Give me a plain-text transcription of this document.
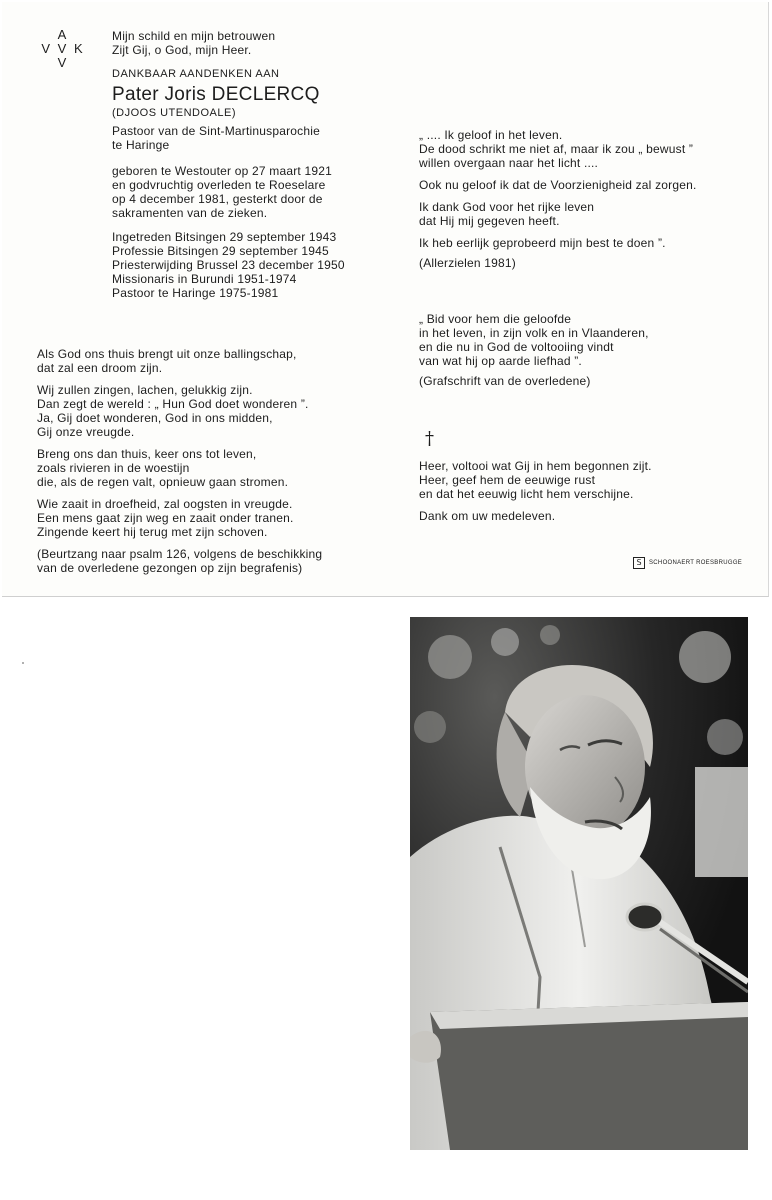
A
V V K
V
Mijn schild en mijn betrouwen
Zijt Gij, o God, mijn Heer.
DANKBAAR AANDENKEN AAN
Pater Joris DECLERCQ
(DJOOS UTENDOALE)
Pastoor van de Sint-Martinusparochie
te Haringe
geboren te Westouter op 27 maart 1921
en godvruchtig overleden te Roeselare
op 4 december 1981, gesterkt door de
sakramenten van de zieken.
Ingetreden Bitsingen 29 september 1943
Professie Bitsingen 29 september 1945
Priesterwijding Brussel 23 december 1950
Missionaris in Burundi 1951-1974
Pastoor te Haringe 1975-1981
Als God ons thuis brengt uit onze ballingschap,
dat zal een droom zijn.
Wij zullen zingen, lachen, gelukkig zijn.
Dan zegt de wereld : „ Hun God doet wonderen ”.
Ja, Gij doet wonderen, God in ons midden,
Gij onze vreugde.
Breng ons dan thuis, keer ons tot leven,
zoals rivieren in de woestijn
die, als de regen valt, opnieuw gaan stromen.
Wie zaait in droefheid, zal oogsten in vreugde.
Een mens gaat zijn weg en zaait onder tranen.
Zingende keert hij terug met zijn schoven.
(Beurtzang naar psalm 126, volgens de beschikking
van de overledene gezongen op zijn begrafenis)
„ .... Ik geloof in het leven.
De dood schrikt me niet af, maar ik zou „ bewust ”
willen overgaan naar het licht ....
Ook nu geloof ik dat de Voorzienigheid zal zorgen.
Ik dank God voor het rijke leven
dat Hij mij gegeven heeft.
Ik heb eerlijk geprobeerd mijn best te doen ”.
(Allerzielen 1981)
„ Bid voor hem die geloofde
in het leven, in zijn volk en in Vlaanderen,
en die nu in God de voltooiing vindt
van wat hij op aarde liefhad ”.
(Grafschrift van de overledene)
†
Heer, voltooi wat Gij in hem begonnen zijt.
Heer, geef hem de eeuwige rust
en dat het eeuwig licht hem verschijne.
Dank om uw medeleven.
S	SCHOONAERT ROESBRUGGE
